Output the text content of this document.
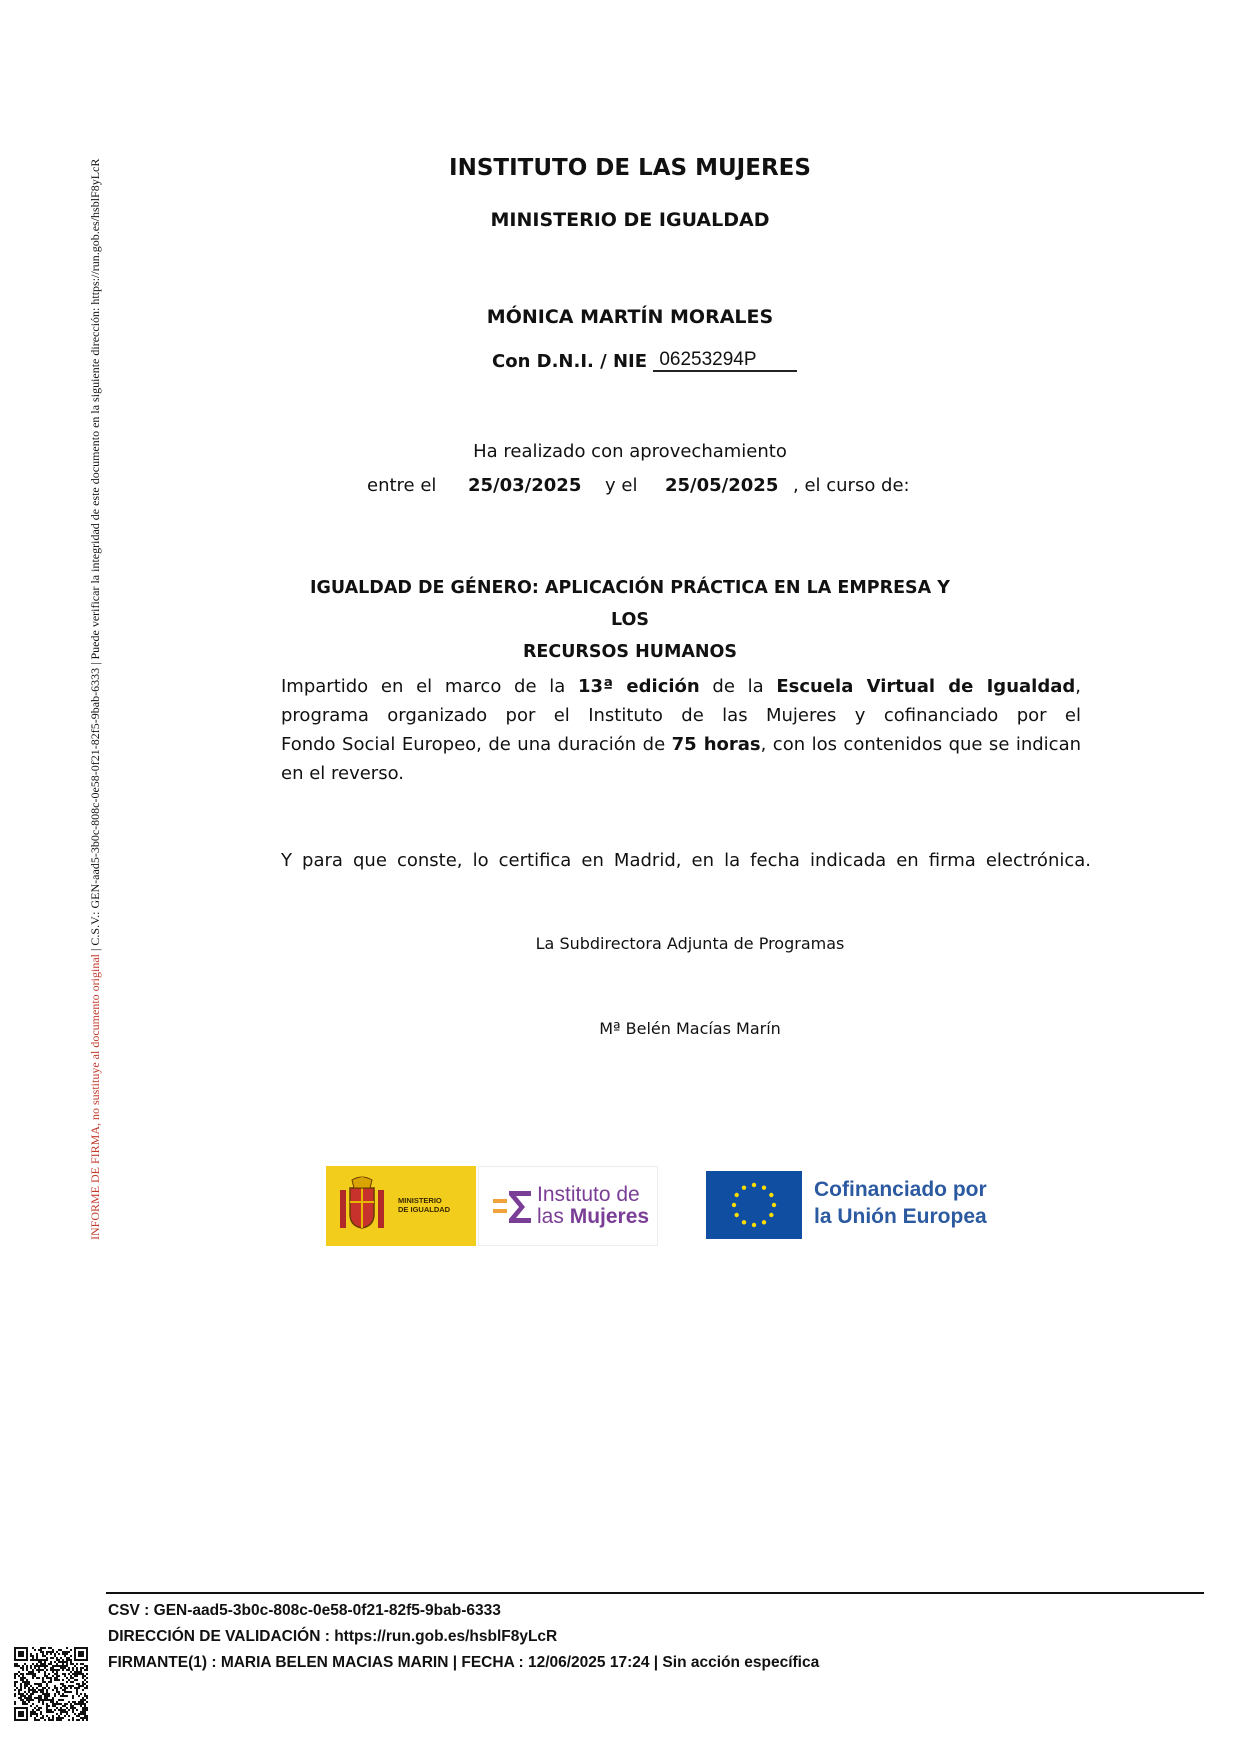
INFORME DE FIRMA, no sustituye al documento original | C.S.V.: GEN-aad5-3b0c-808c-0e58-0f21-82f5-9bab-6333 | Puede verificar la integridad de este documento en la siguiente dirección: https://run.gob.es/hsblF8yLcR	INSTITUTO DE LAS MUJERES
MINISTERIO DE IGUALDAD
MÓNICA MARTÍN MORALES
Con D.N.I. / NIE 06253294P
Ha realizado con aprovechamiento
entre el 25/03/2025 y el 25/05/2025 , el curso de:
IGUALDAD DE GÉNERO: APLICACIÓN PRÁCTICA EN LA EMPRESA Y LOS
RECURSOS HUMANOS
Impartido en el marco de la 13ª edición de la Escuela Virtual de Igualdad,
programa organizado por el Instituto de las Mujeres y cofinanciado por el
Fondo Social Europeo, de una duración de 75 horas, con los contenidos que se indican
en el reverso.
Y para que conste, lo certifica en Madrid, en la fecha indicada en firma electrónica.
La Subdirectora Adjunta de Programas
Mª Belén Macías Marín
MINISTERIO
DE IGUALDAD
Instituto de
las Mujeres
Cofinanciado por
la Unión Europea
CSV : GEN-aad5-3b0c-808c-0e58-0f21-82f5-9bab-6333
DIRECCIÓN DE VALIDACIÓN : https://run.gob.es/hsblF8yLcR
FIRMANTE(1) : MARIA BELEN MACIAS MARIN | FECHA : 12/06/2025 17:24 | Sin acción específica
